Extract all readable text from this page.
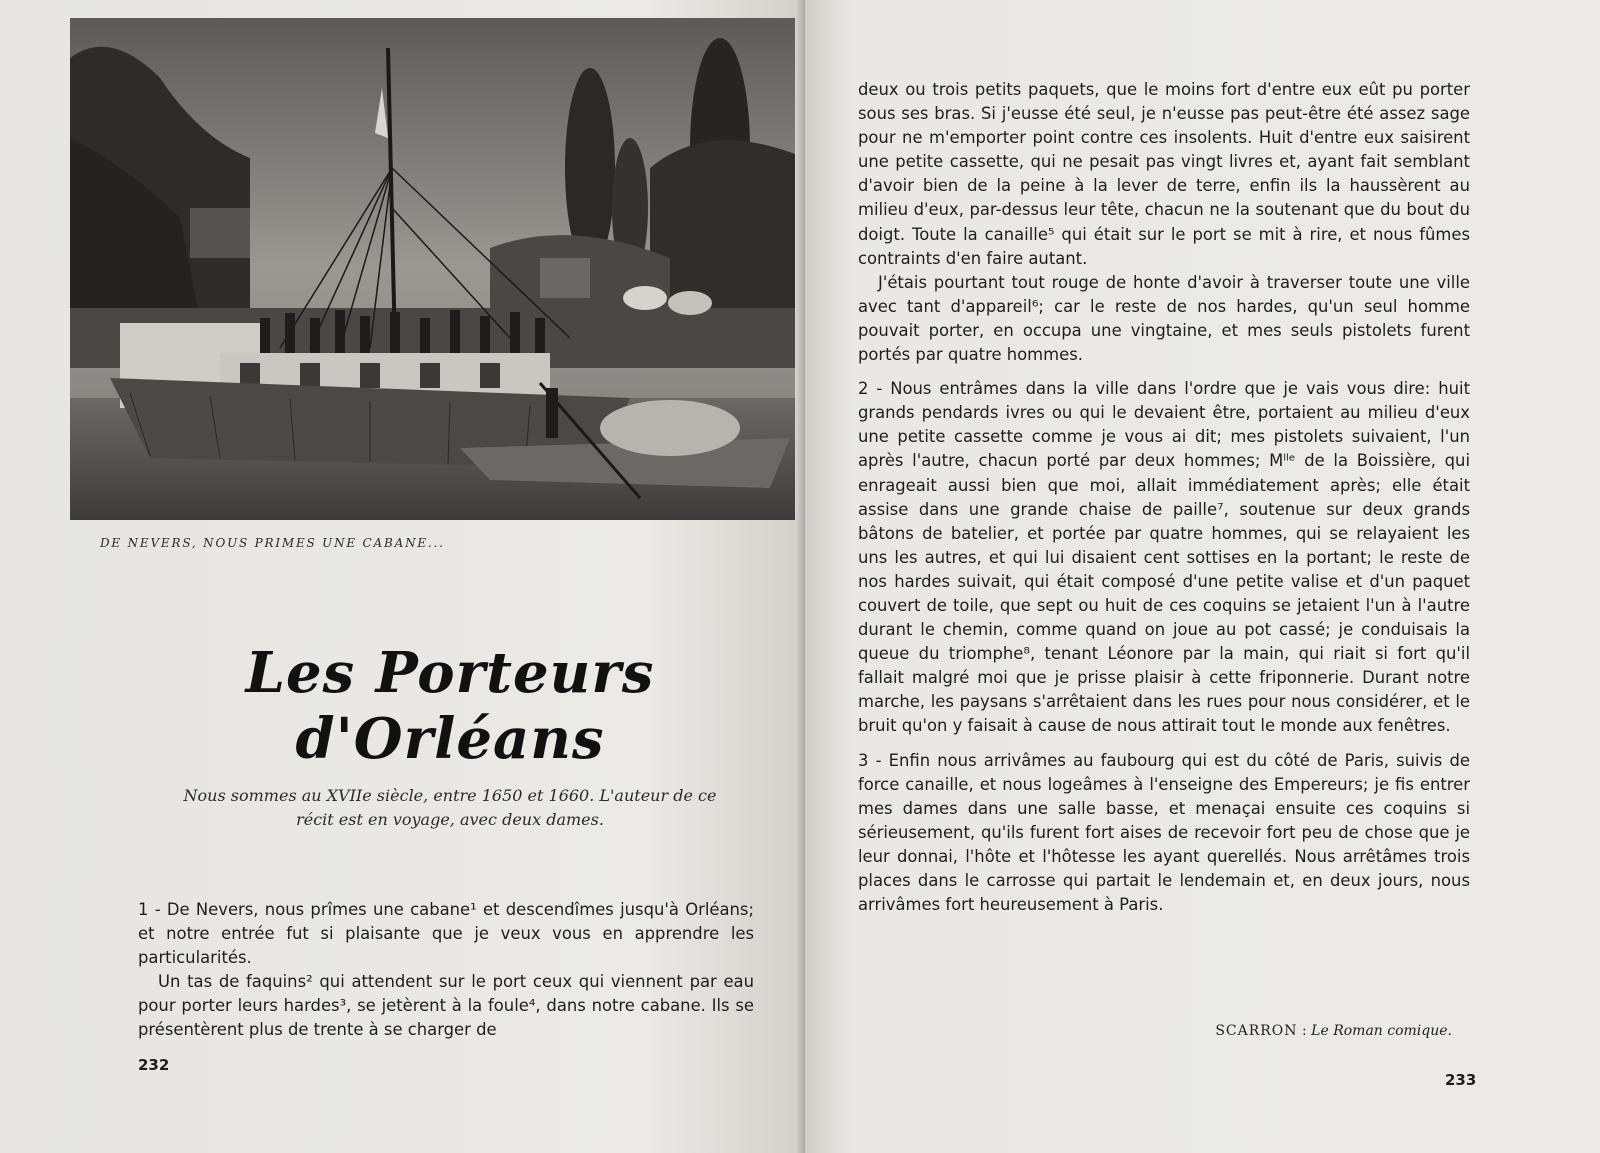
DE NEVERS, NOUS PRIMES UNE CABANE...
Les Porteurs d'Orléans
Nous sommes au XVIIe siècle, entre 1650 et 1660. L'auteur de ce récit est en voyage, avec deux dames.

1 - De Nevers, nous prîmes une cabane¹ et descendîmes jusqu'à Orléans; et notre entrée fut si plaisante que je veux vous en apprendre les particularités.

Un tas de faquins² qui attendent sur le port ceux qui viennent par eau pour porter leurs hardes³, se jetèrent à la foule⁴, dans notre cabane. Ils se présentèrent plus de trente à se charger de

232

deux ou trois petits paquets, que le moins fort d'entre eux eût pu porter sous ses bras. Si j'eusse été seul, je n'eusse pas peut-être été assez sage pour ne m'emporter point contre ces insolents. Huit d'entre eux saisirent une petite cassette, qui ne pesait pas vingt livres et, ayant fait semblant d'avoir bien de la peine à la lever de terre, enfin ils la haussèrent au milieu d'eux, par-dessus leur tête, chacun ne la soutenant que du bout du doigt. Toute la canaille⁵ qui était sur le port se mit à rire, et nous fûmes contraints d'en faire autant.

J'étais pourtant tout rouge de honte d'avoir à traverser toute une ville avec tant d'appareil⁶; car le reste de nos hardes, qu'un seul homme pouvait porter, en occupa une vingtaine, et mes seuls pistolets furent portés par quatre hommes.

2 - Nous entrâmes dans la ville dans l'ordre que je vais vous dire: huit grands pendards ivres ou qui le devaient être, portaient au milieu d'eux une petite cassette comme je vous ai dit; mes pistolets suivaient, l'un après l'autre, chacun porté par deux hommes; Mˡˡᵉ de la Boissière, qui enrageait aussi bien que moi, allait immédiatement après; elle était assise dans une grande chaise de paille⁷, soutenue sur deux grands bâtons de batelier, et portée par quatre hommes, qui se relayaient les uns les autres, et qui lui disaient cent sottises en la portant; le reste de nos hardes suivait, qui était composé d'une petite valise et d'un paquet couvert de toile, que sept ou huit de ces coquins se jetaient l'un à l'autre durant le chemin, comme quand on joue au pot cassé; je conduisais la queue du triomphe⁸, tenant Léonore par la main, qui riait si fort qu'il fallait malgré moi que je prisse plaisir à cette friponnerie. Durant notre marche, les paysans s'arrêtaient dans les rues pour nous considérer, et le bruit qu'on y faisait à cause de nous attirait tout le monde aux fenêtres.

3 - Enfin nous arrivâmes au faubourg qui est du côté de Paris, suivis de force canaille, et nous logeâmes à l'enseigne des Empereurs; je fis entrer mes dames dans une salle basse, et menaçai ensuite ces coquins si sérieusement, qu'ils furent fort aises de recevoir fort peu de chose que je leur donnai, l'hôte et l'hôtesse les ayant querellés. Nous arrêtâmes trois places dans le carrosse qui partait le lendemain et, en deux jours, nous arrivâmes fort heureusement à Paris.

SCARRON : Le Roman comique.
233
